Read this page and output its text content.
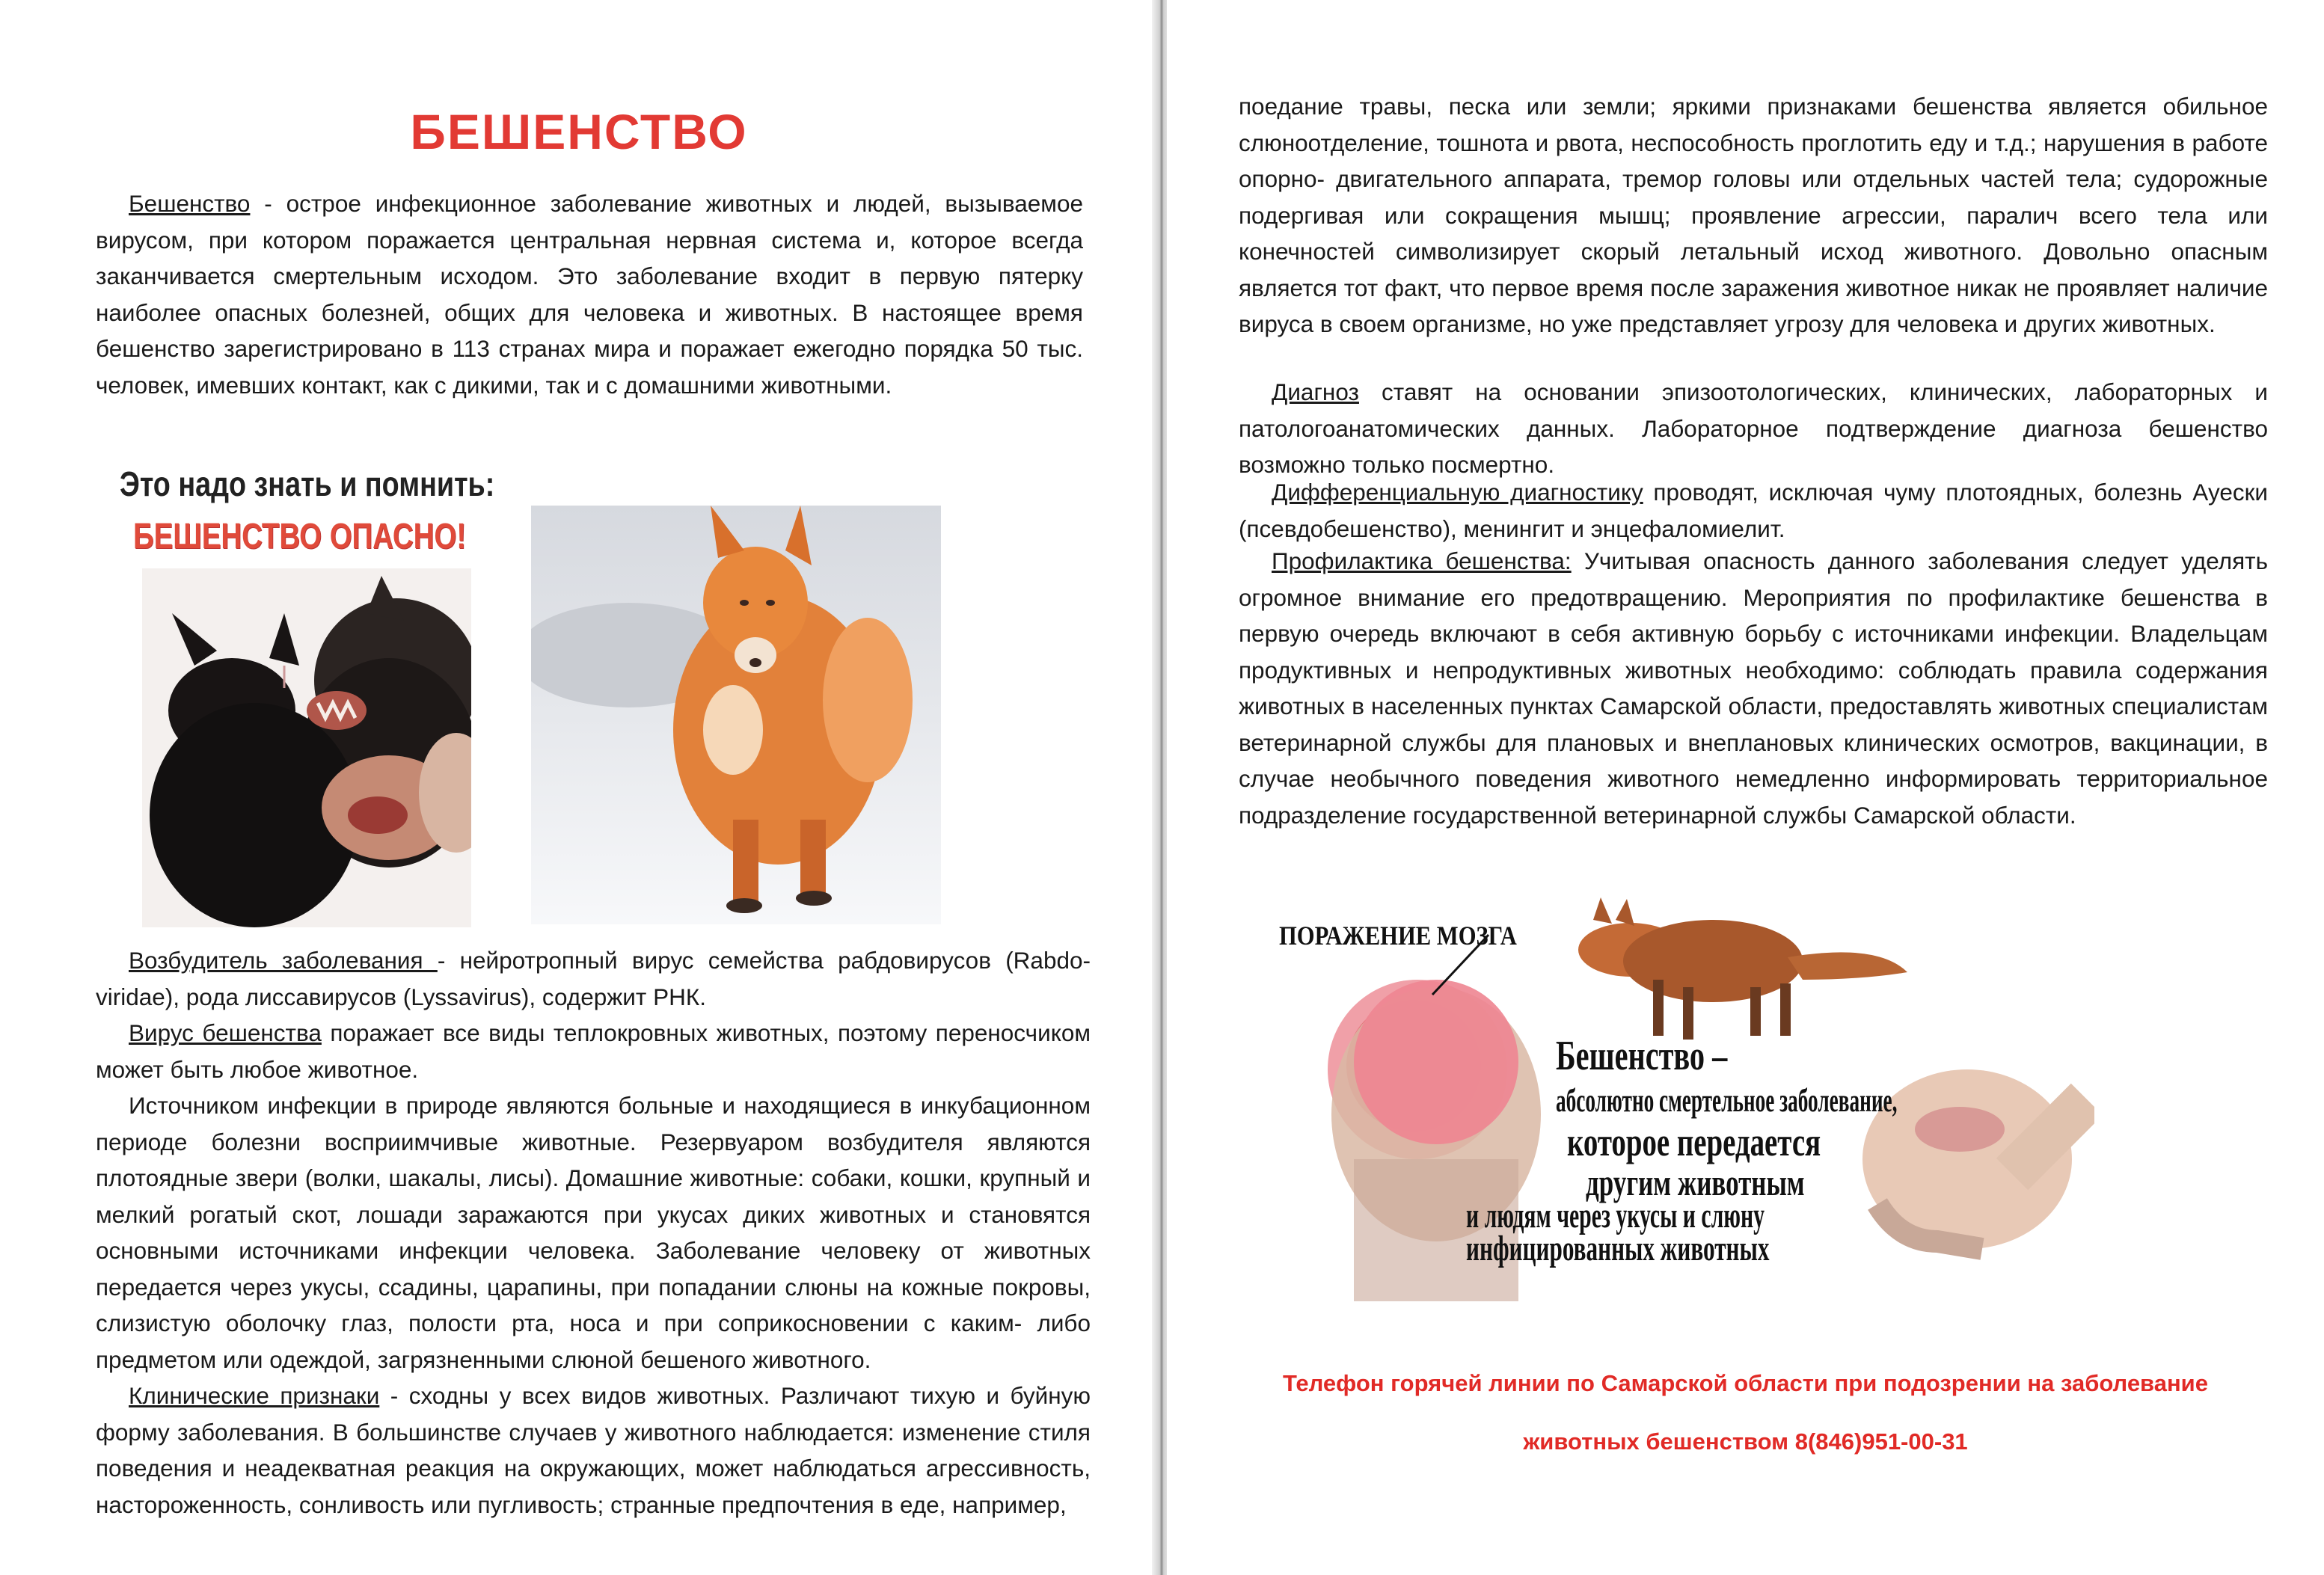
БЕШЕНСТВО

Бешенство - острое инфекционное заболевание животных и людей, вызываемое вирусом, при котором поражается центральная нервная система и, которое всегда заканчивается смертельным исходом. Это заболевание входит в первую пятерку наиболее опасных болезней, общих для человека и животных. В настоящее время бешенство зарегистрировано в 113 странах мира и поражает ежегодно порядка 50 тыс. человек, имевших контакт, как с дикими, так и с домашними животными.

Это надо знать и помнить:
БЕШЕНСТВО ОПАСНО!

Возбудитель заболевания - нейротропный вирус семейства рабдовирусов (Rabdo-viridae), рода лиссавирусов (Lyssavirus), содержит РНК.

Вирус бешенства поражает все виды теплокровных животных, поэтому переносчиком может быть любое животное.

Источником инфекции в природе являются больные и находящиеся в инкубационном периоде болезни восприимчивые животные. Резервуаром возбудителя являются плотоядные звери (волки, шакалы, лисы). Домашние животные: собаки, кошки, крупный и мелкий рогатый скот, лошади заражаются при укусах диких животных и становятся основными источниками инфекции человека. Заболевание человеку от животных передается через укусы, ссадины, царапины, при попадании слюны на кожные покровы, слизистую оболочку глаз, полости рта, носа и при соприкосновении с каким- либо предметом или одеждой, загрязненными слюной бешеного животного.

Клинические признаки - сходны у всех видов животных. Различают тихую и буйную форму заболевания. В большинстве случаев у животного наблюдается: изменение стиля поведения и неадекватная реакция на окружающих, может наблюдаться агрессивность, настороженность, сонливость или пугливость; странные предпочтения в еде, например,

поедание травы, песка или земли; яркими признаками бешенства является обильное слюноотделение, тошнота и рвота, неспособность проглотить еду и т.д.; нарушения в работе опорно- двигательного аппарата, тремор головы или отдельных частей тела; судорожные подергивая или сокращения мышц; проявление агрессии, паралич всего тела или конечностей символизирует скорый летальный исход животного. Довольно опасным является тот факт, что первое время после заражения животное никак не проявляет наличие вируса в своем организме, но уже представляет угрозу для человека и других животных.

Диагноз ставят на основании эпизоотологических, клинических, лабораторных и патологоанатомических данных. Лабораторное подтверждение диагноза бешенство возможно только посмертно.

Дифференциальную диагностику проводят, исключая чуму плотоядных, болезнь Ауески (псевдобешенство), менингит и энцефаломиелит.

Профилактика бешенства: Учитывая опасность данного заболевания следует уделять огромное внимание его предотвращению. Мероприятия по профилактике бешенства в первую очередь включают в себя активную борьбу с источниками инфекции. Владельцам продуктивных и непродуктивных животных необходимо: соблюдать правила содержания животных в населенных пунктах Самарской области, предоставлять животных специалистам ветеринарной службы для плановых и внеплановых клинических осмотров, вакцинации, в случае необычного поведения животного немедленно информировать территориальное подразделение государственной ветеринарной службы Самарской области.

ПОРАЖЕНИЕ МОЗГА
Бешенство –
абсолютно смертельное заболевание,
которое передается
другим животным
и людям через укусы и слюну
инфицированных животных
Телефон горячей линии по Самарской области при подозрении на заболевание
животных бешенством 8(846)951-00-31
